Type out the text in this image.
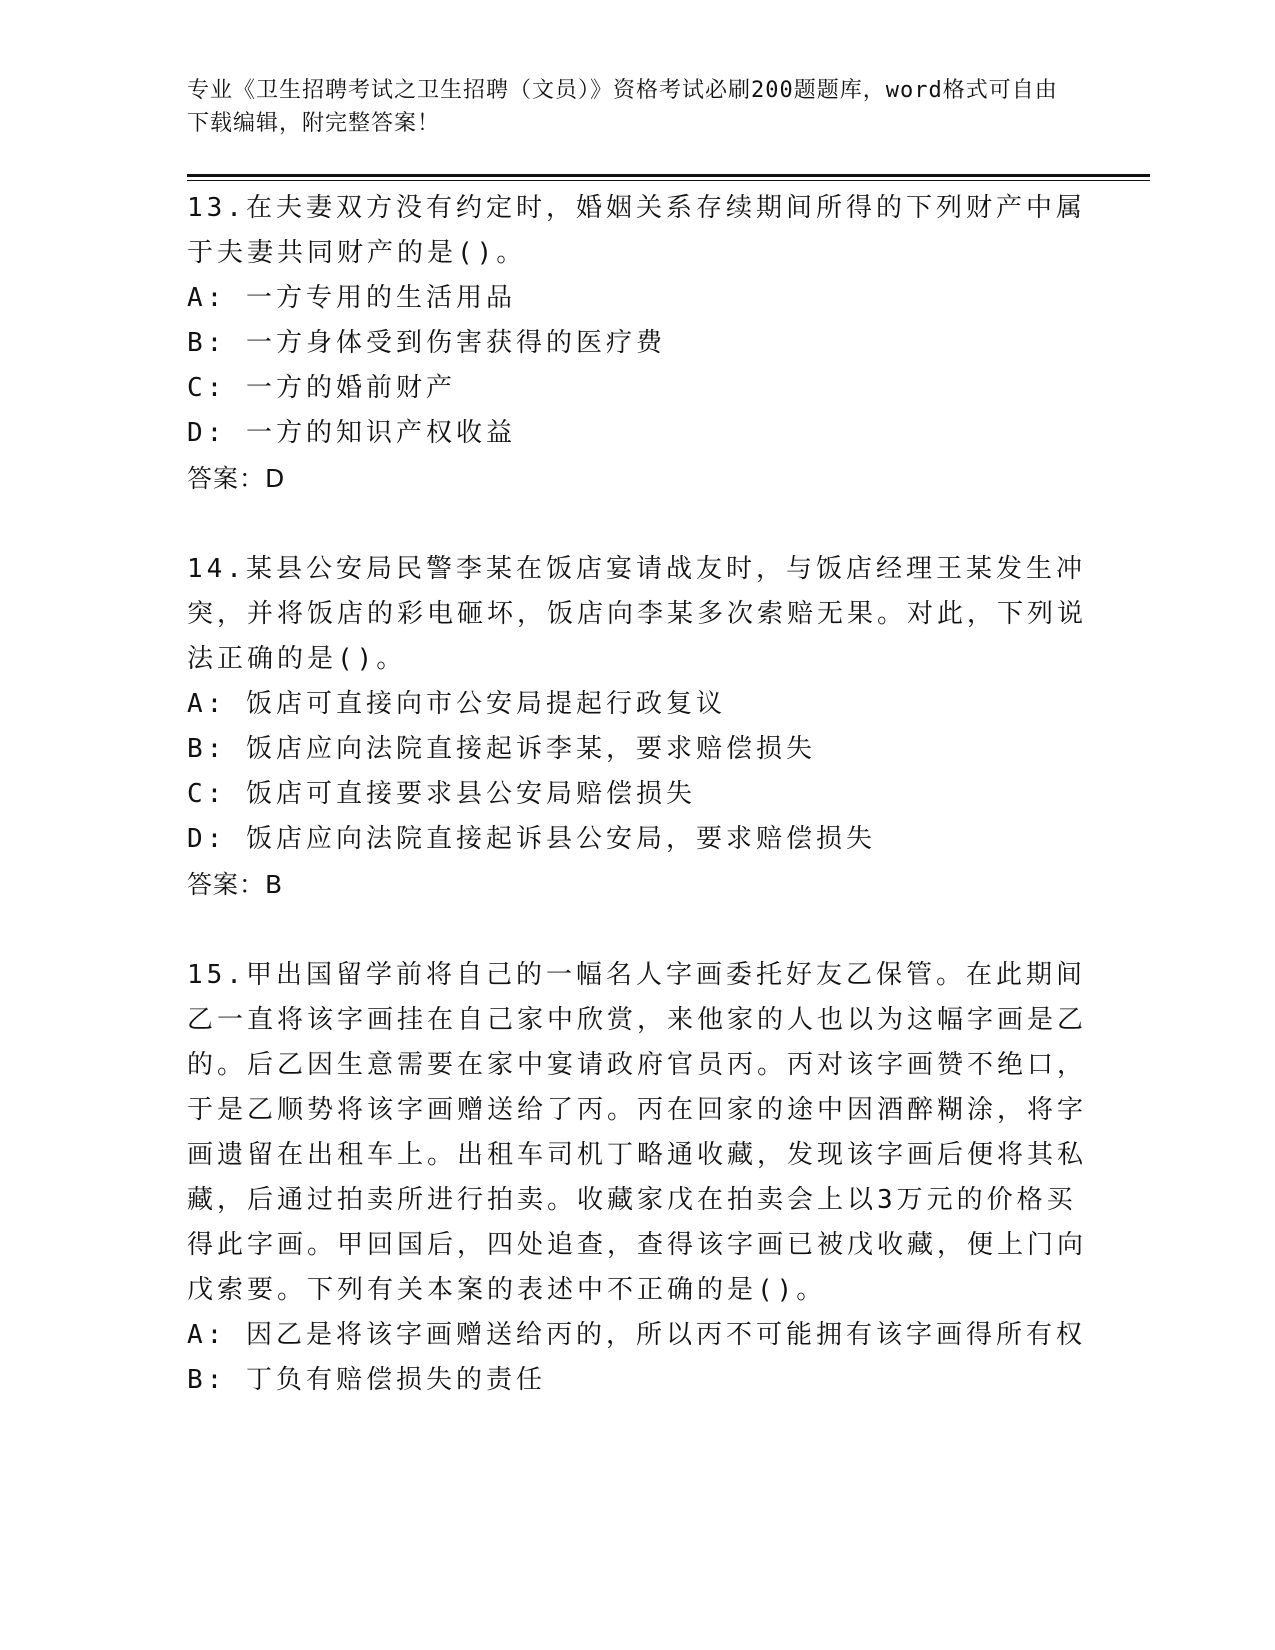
专业《卫生招聘考试之卫生招聘（文员）》资格考试必刷200题题库，word格式可自由下载编辑，附完整答案！

13.在夫妻双方没有约定时，婚姻关系存续期间所得的下列财产中属于夫妻共同财产的是()。

A: 一方专用的生活用品

B: 一方身体受到伤害获得的医疗费

C: 一方的婚前财产

D: 一方的知识产权收益

答案：D

14.某县公安局民警李某在饭店宴请战友时，与饭店经理王某发生冲突，并将饭店的彩电砸坏，饭店向李某多次索赔无果。对此，下列说法正确的是()。

A: 饭店可直接向市公安局提起行政复议

B: 饭店应向法院直接起诉李某，要求赔偿损失

C: 饭店可直接要求县公安局赔偿损失

D: 饭店应向法院直接起诉县公安局，要求赔偿损失

答案：B

15.甲出国留学前将自己的一幅名人字画委托好友乙保管。在此期间乙一直将该字画挂在自己家中欣赏，来他家的人也以为这幅字画是乙的。后乙因生意需要在家中宴请政府官员丙。丙对该字画赞不绝口，于是乙顺势将该字画赠送给了丙。丙在回家的途中因酒醉糊涂，将字画遗留在出租车上。出租车司机丁略通收藏，发现该字画后便将其私藏，后通过拍卖所进行拍卖。收藏家戊在拍卖会上以3万元的价格买得此字画。甲回国后，四处追查，查得该字画已被戊收藏，便上门向戊索要。下列有关本案的表述中不正确的是()。

A: 因乙是将该字画赠送给丙的，所以丙不可能拥有该字画得所有权

B: 丁负有赔偿损失的责任
